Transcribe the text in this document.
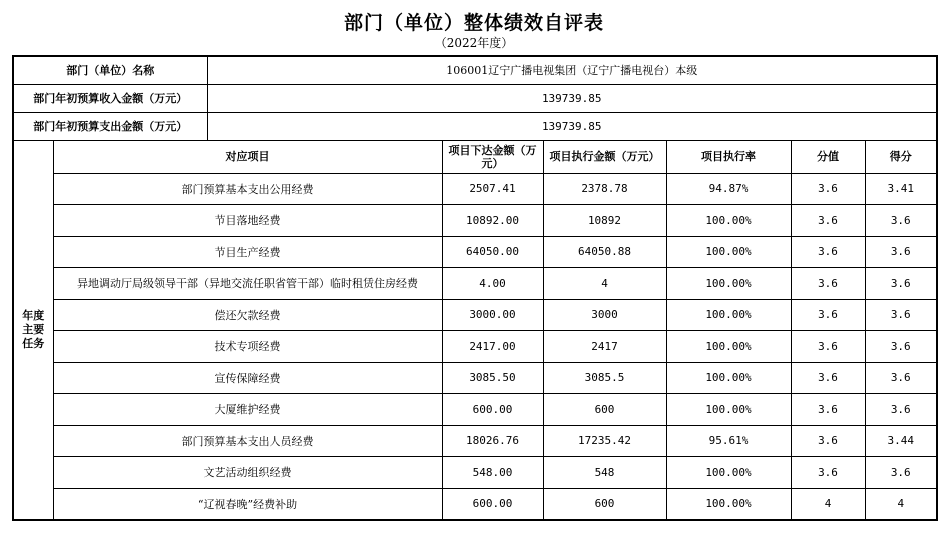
部门（单位）整体绩效自评表
（2022年度）
部门（单位）名称		106001辽宁广播电视集团（辽宁广播电视台）本级					
部门年初预算收入金额（万元）		139739.85					
部门年初预算支出金额（万元）		139739.85					
年度
主要
任务	对应项目		项目下达金额（万元）	项目执行金额（万元）	项目执行率	分值	得分
	部门预算基本支出公用经费		2507.41	2378.78	94.87%	3.6	3.41
	节目落地经费		10892.00	10892	100.00%	3.6	3.6
	节目生产经费		64050.00	64050.88	100.00%	3.6	3.6
	异地调动厅局级领导干部（异地交流任职省管干部）临时租赁住房经费		4.00	4	100.00%	3.6	3.6
	偿还欠款经费		3000.00	3000	100.00%	3.6	3.6
	技术专项经费		2417.00	2417	100.00%	3.6	3.6
	宣传保障经费		3085.50	3085.5	100.00%	3.6	3.6
	大厦维护经费		600.00	600	100.00%	3.6	3.6
	部门预算基本支出人员经费		18026.76	17235.42	95.61%	3.6	3.44
	文艺活动组织经费		548.00	548	100.00%	3.6	3.6
	“辽视春晚”经费补助		600.00	600	100.00%	4	4
